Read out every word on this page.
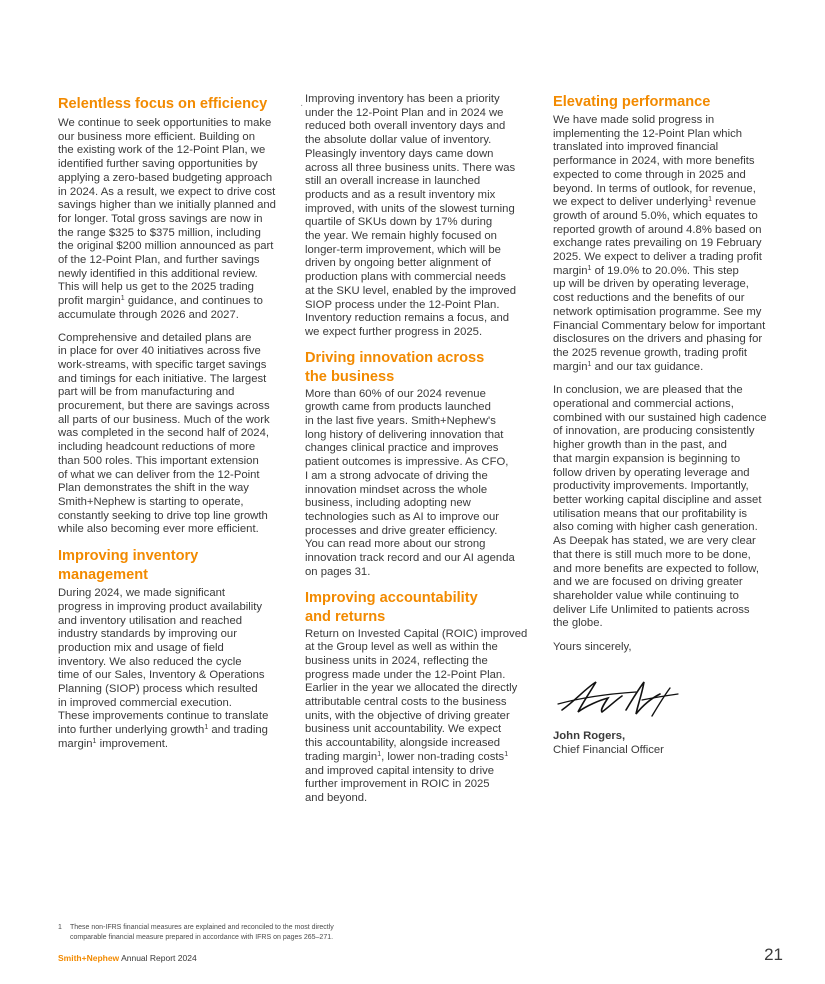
Relentless focus on efficiency

We continue to seek opportunities to make
our business more efficient. Building on
the existing work of the 12-Point Plan, we
identified further saving opportunities by
applying a zero-based budgeting approach
in 2024. As a result, we expect to drive cost
savings higher than we initially planned and
for longer. Total gross savings are now in
the range $325 to $375 million, including
the original $200 million announced as part
of the 12-Point Plan, and further savings
newly identified in this additional review.
This will help us get to the 2025 trading
profit margin$^1$ guidance, and continues to
accumulate through 2026 and 2027.

Comprehensive and detailed plans are
in place for over 40 initiatives across five
work-streams, with specific target savings
and timings for each initiative. The largest
part will be from manufacturing and
procurement, but there are savings across
all parts of our business. Much of the work
was completed in the second half of 2024,
including headcount reductions of more
than 500 roles. This important extension
of what we can deliver from the 12-Point
Plan demonstrates the shift in the way
Smith+Nephew is starting to operate,
constantly seeking to drive top line growth
while also becoming ever more efficient.

Improving inventory
management

During 2024, we made significant
progress in improving product availability
and inventory utilisation and reached
industry standards by improving our
production mix and usage of field
inventory. We also reduced the cycle
time of our Sales, Inventory & Operations
Planning (SIOP) process which resulted
in improved commercial execution.
These improvements continue to translate
into further underlying growth$^1$ and trading
margin$^1$ improvement.

·

Improving inventory has been a priority
under the 12-Point Plan and in 2024 we
reduced both overall inventory days and
the absolute dollar value of inventory.
Pleasingly inventory days came down
across all three business units. There was
still an overall increase in launched
products and as a result inventory mix
improved, with units of the slowest turning
quartile of SKUs down by 17% during
the year. We remain highly focused on
longer-term improvement, which will be
driven by ongoing better alignment of
production plans with commercial needs
at the SKU level, enabled by the improved
SIOP process under the 12-Point Plan.
Inventory reduction remains a focus, and
we expect further progress in 2025.

Driving innovation across
the business

More than 60% of our 2024 revenue
growth came from products launched
in the last five years. Smith+Nephew's
long history of delivering innovation that
changes clinical practice and improves
patient outcomes is impressive. As CFO,
I am a strong advocate of driving the
innovation mindset across the whole
business, including adopting new
technologies such as AI to improve our
processes and drive greater efficiency.
You can read more about our strong
innovation track record and our AI agenda
on pages 31.

Improving accountability
and returns

Return on Invested Capital (ROIC) improved
at the Group level as well as within the
business units in 2024, reflecting the
progress made under the 12-Point Plan.
Earlier in the year we allocated the directly
attributable central costs to the business
units, with the objective of driving greater
business unit accountability. We expect
this accountability, alongside increased
trading margin$^1$, lower non-trading costs$^1$
and improved capital intensity to drive
further improvement in ROIC in 2025
and beyond.

Elevating performance

We have made solid progress in
implementing the 12-Point Plan which
translated into improved financial
performance in 2024, with more benefits
expected to come through in 2025 and
beyond. In terms of outlook, for revenue,
we expect to deliver underlying$^1$ revenue
growth of around 5.0%, which equates to
reported growth of around 4.8% based on
exchange rates prevailing on 19 February
2025. We expect to deliver a trading profit
margin$^1$ of 19.0% to 20.0%. This step
up will be driven by operating leverage,
cost reductions and the benefits of our
network optimisation programme. See my
Financial Commentary below for important
disclosures on the drivers and phasing for
the 2025 revenue growth, trading profit
margin$^1$ and our tax guidance.

In conclusion, we are pleased that the
operational and commercial actions,
combined with our sustained high cadence
of innovation, are producing consistently
higher growth than in the past, and
that margin expansion is beginning to
follow driven by operating leverage and
productivity improvements. Importantly,
better working capital discipline and asset
utilisation means that our profitability is
also coming with higher cash generation.
As Deepak has stated, we are very clear
that there is still much more to be done,
and more benefits are expected to follow,
and we are focused on driving greater
shareholder value while continuing to
deliver Life Unlimited to patients across
the globe.

Yours sincerely,

John Rogers,
Chief Financial Officer
1 These non-IFRS financial measures are explained and reconciled to the most directly
comparable financial measure prepared in accordance with IFRS on pages 265–271.
Smith+Nephew Annual Report 2024	21
